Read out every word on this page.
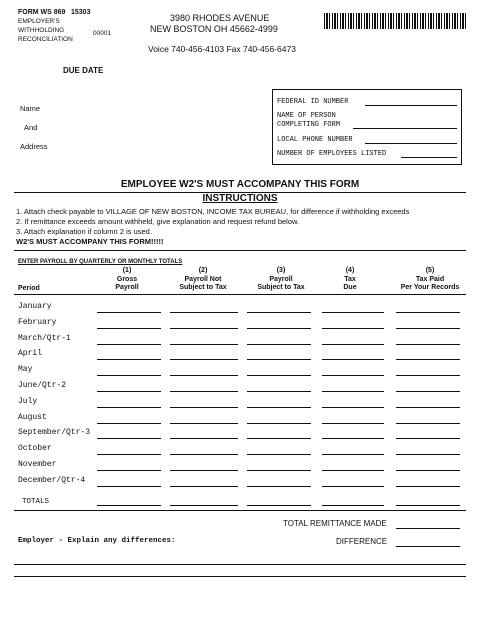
FORM WS 869 15303
EMPLOYER'S
WITHHOLDING
RECONCILIATION
00001
3980 RHODES AVENUE
NEW BOSTON OH 45662-4999
Voice 740-456-4103 Fax 740-456-6473
DUE DATE
Name
And
Address
FEDERAL ID NUMBER
NAME OF PERSON
COMPLETING FORM
LOCAL PHONE NUMBER
NUMBER OF EMPLOYEES LISTED
EMPLOYEE W2'S MUST ACCOMPANY THIS FORM
INSTRUCTIONS
1. Attach check payable to VILLAGE OF NEW BOSTON, INCOME TAX BUREAU, for difference if withholding exceeds
2. If remittance exceeds amount withheld, give explanation and request refund below.
3. Attach explanation if column 2 is used.
W2'S MUST ACCOMPANY THIS FORM!!!!!
ENTER PAYROLL BY QUARTERLY OR MONTHLY TOTALS
(1)
Gross
Payroll
(2)
Payroll Not
Subject to Tax
(3)
Payroll
Subject to Tax
(4)
Tax
Due
(5)
Tax Paid
Per Your Records
Period
January
February
March/Qtr-1
April
May
June/Qtr-2
July
August
September/Qtr-3
October
November
December/Qtr-4
TOTALS
TOTAL REMITTANCE MADE
DIFFERENCE
Employer - Explain any differences:
